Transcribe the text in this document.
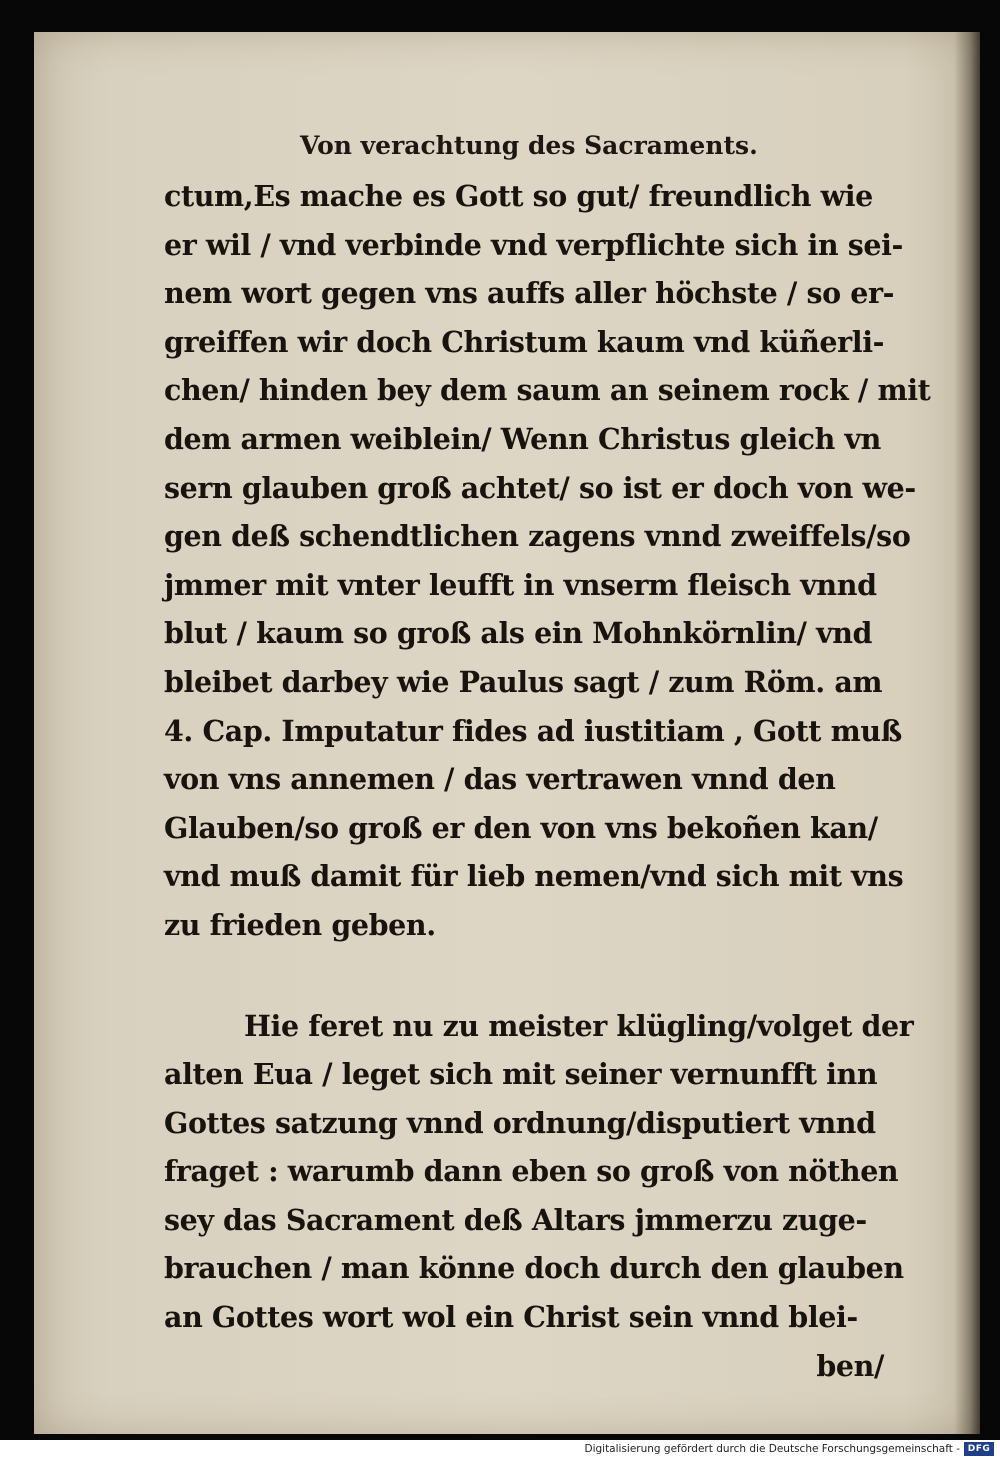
Von verachtung des Sacraments.
ctum,Es mache es Gott so gut/ freundlich wie
er wil / vnd verbinde vnd verpflichte sich in sei-
nem wort gegen vns auffs aller höchste / so er-
greiffen wir doch Christum kaum vnd küñerli-
chen/ hinden bey dem saum an seinem rock / mit
dem armen weiblein/ Wenn Christus gleich vn
sern glauben groß achtet/ so ist er doch von we-
gen deß schendtlichen zagens vnnd zweiffels/so
jmmer mit vnter leufft in vnserm fleisch vnnd
blut / kaum so groß als ein Mohnkörnlin/ vnd
bleibet darbey wie Paulus sagt / zum Röm. am
4. Cap. Imputatur fides ad iustitiam , Gott muß
von vns annemen / das vertrawen vnnd den
Glauben/so groß er den von vns bekoñen kan/
vnd muß damit für lieb nemen/vnd sich mit vns
zu frieden geben.
Hie feret nu zu meister klügling/volget der
alten Eua / leget sich mit seiner vernunfft inn
Gottes satzung vnnd ordnung/disputiert vnnd
fraget : warumb dann eben so groß von nöthen
sey das Sacrament deß Altars jmmerzu zuge-
brauchen / man könne doch durch den glauben
an Gottes wort wol ein Christ sein vnnd blei-
ben/
Digitalisierung gefördert durch die Deutsche Forschungsgemeinschaft - DFG
